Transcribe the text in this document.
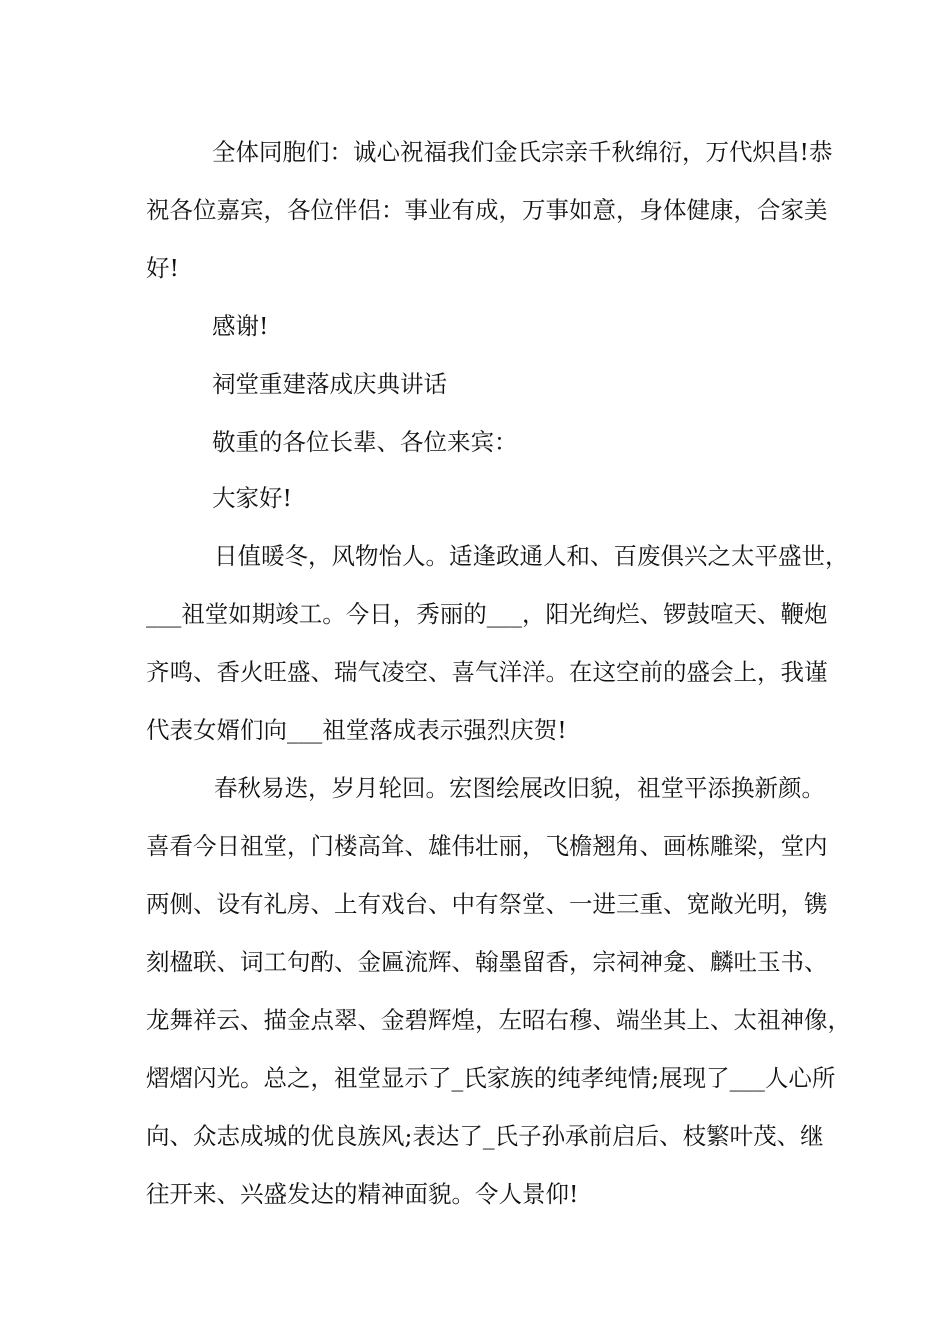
全体同胞们：诚心祝福我们金氏宗亲千秋绵衍，万代炽昌!恭

祝各位嘉宾，各位伴侣：事业有成，万事如意，身体健康，合家美

好!

感谢!

祠堂重建落成庆典讲话

敬重的各位长辈、各位来宾：

大家好!

日值暖冬，风物怡人。适逢政通人和、百废俱兴之太平盛世，

___祖堂如期竣工。今日，秀丽的___，阳光绚烂、锣鼓喧天、鞭炮

齐鸣、香火旺盛、瑞气凌空、喜气洋洋。在这空前的盛会上，我谨

代表女婿们向___祖堂落成表示强烈庆贺!

春秋易迭，岁月轮回。宏图绘展改旧貌，祖堂平添换新颜。

喜看今日祖堂，门楼高耸、雄伟壮丽，飞檐翘角、画栋雕梁，堂内

两侧、设有礼房、上有戏台、中有祭堂、一进三重、宽敞光明，镌

刻楹联、词工句酌、金匾流辉、翰墨留香，宗祠神龛、麟吐玉书、

龙舞祥云、描金点翠、金碧辉煌，左昭右穆、端坐其上、太祖神像，

熠熠闪光。总之，祖堂显示了_氏家族的纯孝纯情;展现了___人心所

向、众志成城的优良族风;表达了_氏子孙承前启后、枝繁叶茂、继

往开来、兴盛发达的精神面貌。令人景仰!
